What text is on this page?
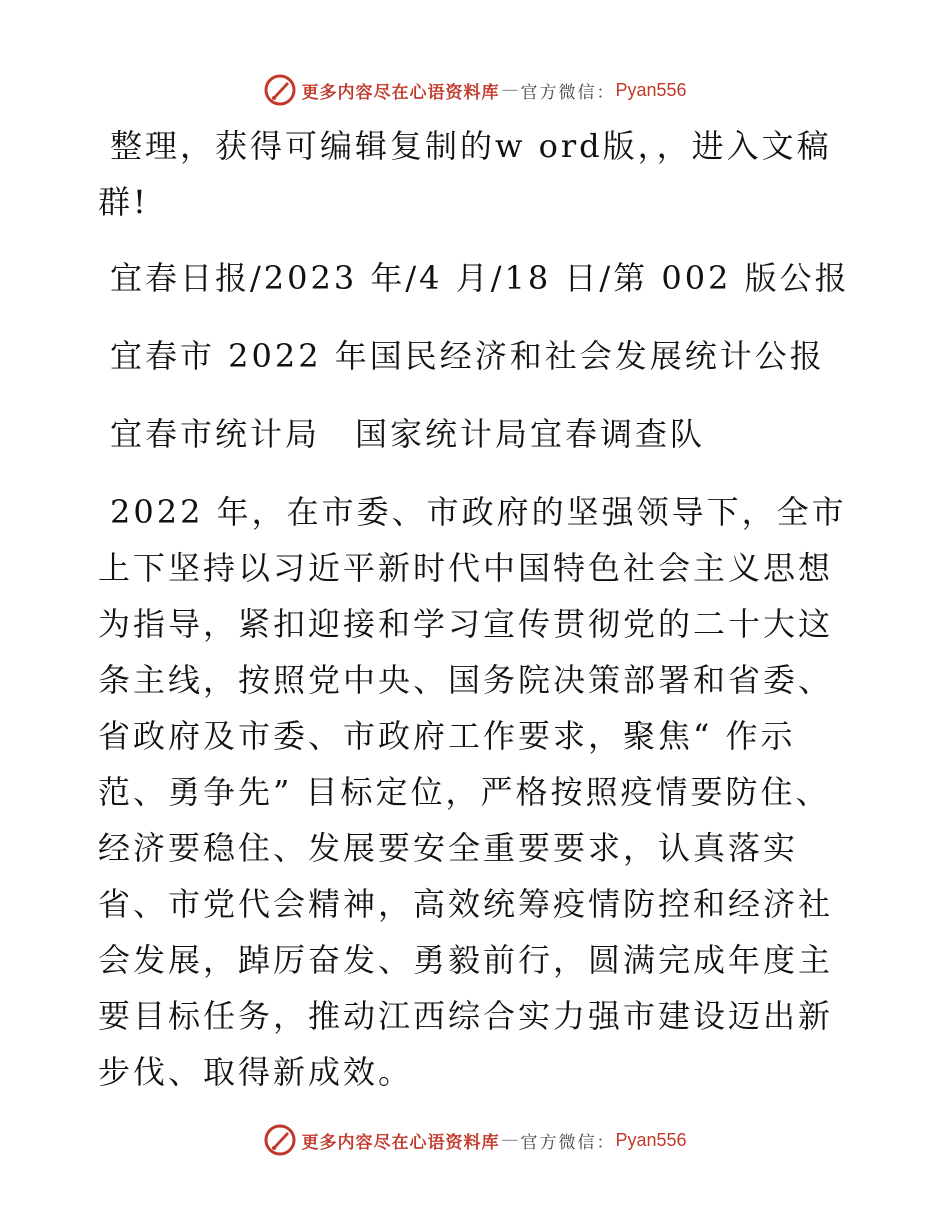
更多内容尽在心语资料库 — 官方微信： Pyan556

整理，获得可编辑复制的w ord版，，进入文稿群!

宜春日报/2023 年/4 月/18 日/第 002 版公报

宜春市 2022 年国民经济和社会发展统计公报

宜春市统计局　国家统计局宜春调查队

2022 年，在市委、市政府的坚强领导下，全市上下坚持以习近平新时代中国特色社会主义思想为指导，紧扣迎接和学习宣传贯彻党的二十大这条主线，按照党中央、国务院决策部署和省委、省政府及市委、市政府工作要求，聚焦“ 作示范、勇争先” 目标定位，严格按照疫情要防住、经济要稳住、发展要安全重要要求，认真落实省、市党代会精神，高效统筹疫情防控和经济社会发展，踔厉奋发、勇毅前行，圆满完成年度主要目标任务，推动江西综合实力强市建设迈出新步伐、取得新成效。

更多内容尽在心语资料库 — 官方微信： Pyan556
